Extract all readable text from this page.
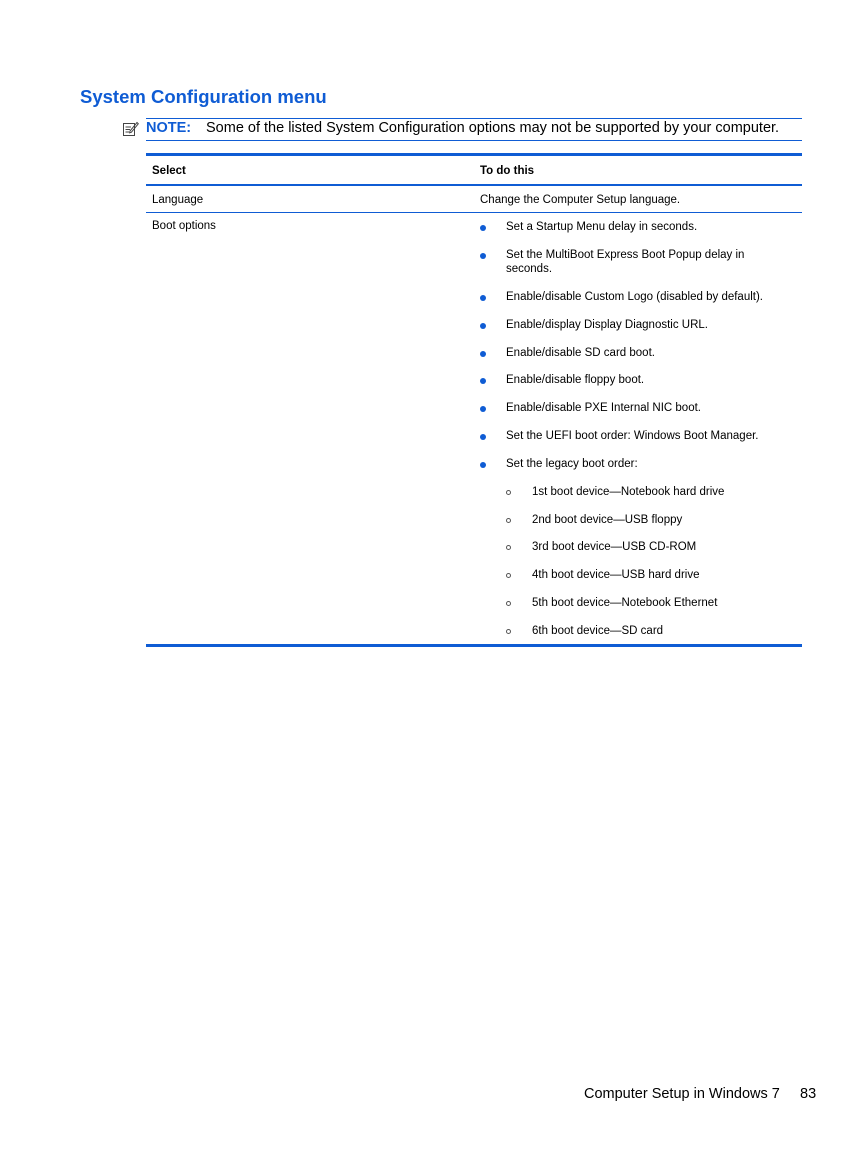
System Configuration menu
NOTE: Some of the listed System Configuration options may not be supported by your computer.
Select	To do this
Language	Change the Computer Setup language.
Boot options	Set a Startup Menu delay in seconds.
Set the MultiBoot Express Boot Popup delay in seconds.
Enable/disable Custom Logo (disabled by default).
Enable/display Display Diagnostic URL.
Enable/disable SD card boot.
Enable/disable floppy boot.
Enable/disable PXE Internal NIC boot.
Set the UEFI boot order: Windows Boot Manager.
Set the legacy boot order:
1st boot device—Notebook hard drive
2nd boot device—USB floppy
3rd boot device—USB CD-ROM
4th boot device—USB hard drive
5th boot device—Notebook Ethernet
6th boot device—SD card
Computer Setup in Windows 7 83
